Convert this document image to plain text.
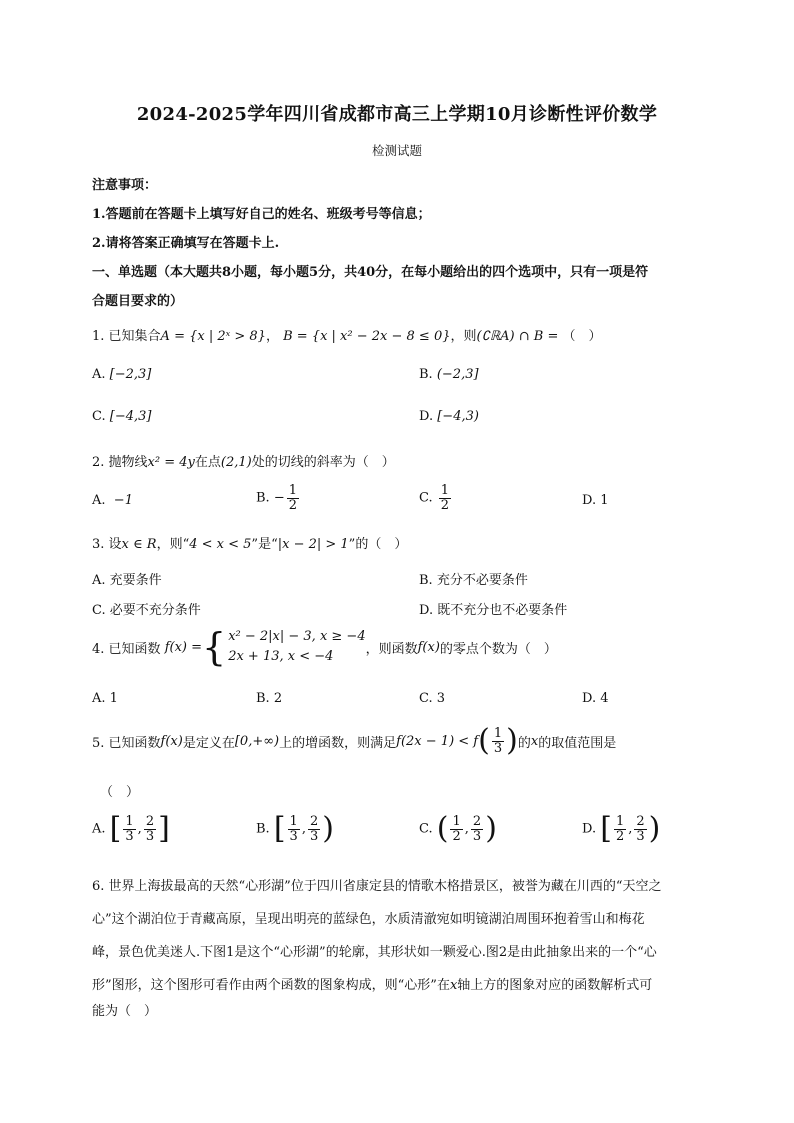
2024-2025学年四川省成都市高三上学期10月诊断性评价数学
检测试题
注意事项：
1.答题前在答题卡上填写好自己的姓名、班级考号等信息；
2.请将答案正确填写在答题卡上.
一、单选题（本大题共8小题，每小题5分，共40分，在每小题给出的四个选项中，只有一项是符
合题目要求的）
1. 已知集合A = {x | 2ˣ > 8}， B = {x | x² − 2x − 8 ≤ 0}，则(∁ℝA) ∩ B = （　）
A. [−2,3]	B. (−2,3]
C. [−4,3]	D. [−4,3)
2. 抛物线x² = 4y在点(2,1)处的切线的斜率为（　）
A. −1	B. − $\frac{1}{2}$	C. $\frac{1}{2}$	D. 1
3. 设x ∈ R，则“4 < x < 5”是“|x − 2| > 1”的（　）
A. 充要条件	B. 充分不必要条件
C. 必要不充分条件	D. 既不充分也不必要条件
4. 已知函数
f(x) = { x² − 2|x| − 3, x ≥ −4
2x + 13, x < −4	，则函数 f(x) 的零点个数为（　）
A. 1	B. 2	C. 3	D. 4
5. 已知函数 f(x) 是定义在 [0,+∞) 上的增函数，则满足 f(2x − 1) < f ( $\frac{1}{3}$ ) 的 x 的取值范围是
（　）
A. [ $\frac{1}{3}$ , $\frac{2}{3}$ ]	B. [ $\frac{1}{3}$ , $\frac{2}{3}$ )	C. ( $\frac{1}{2}$ , $\frac{2}{3}$ )	D. [ $\frac{1}{2}$ , $\frac{2}{3}$ )
6. 世界上海拔最高的天然“心形湖”位于四川省康定县的情歌木格措景区，被誉为藏在川西的“天空之
心”这个湖泊位于青藏高原，呈现出明亮的蓝绿色，水质清澈宛如明镜湖泊周围环抱着雪山和梅花
峰，景色优美迷人.下图1是这个“心形湖”的轮廓，其形状如一颗爱心.图2是由此抽象出来的一个“心
形”图形，这个图形可看作由两个函数的图象构成，则“心形”在x轴上方的图象对应的函数解析式可
能为（　）
